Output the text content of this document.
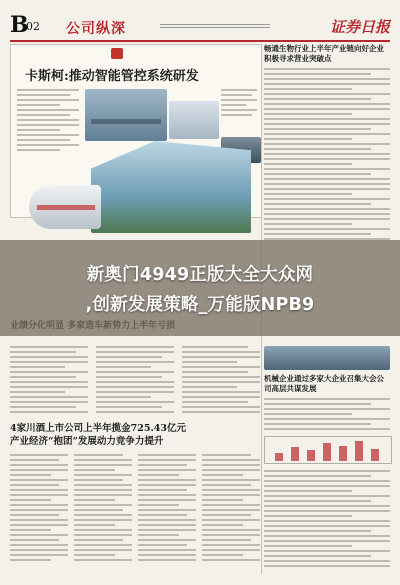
B
02 公司纵深	证券日报
卡斯柯:推动智能管控系统研发
畅通生物行业上半年产业链向好企业积极寻求营业突破点
机械企业通过多家大企业召集大会公司高层共谋发展
4家川酒上市公司上半年揽金725.43亿元
产业经济“抱团”发展动力竞争力提升
新奥门4949正版大全大众网
,创新发展策略_万能版NPB9
